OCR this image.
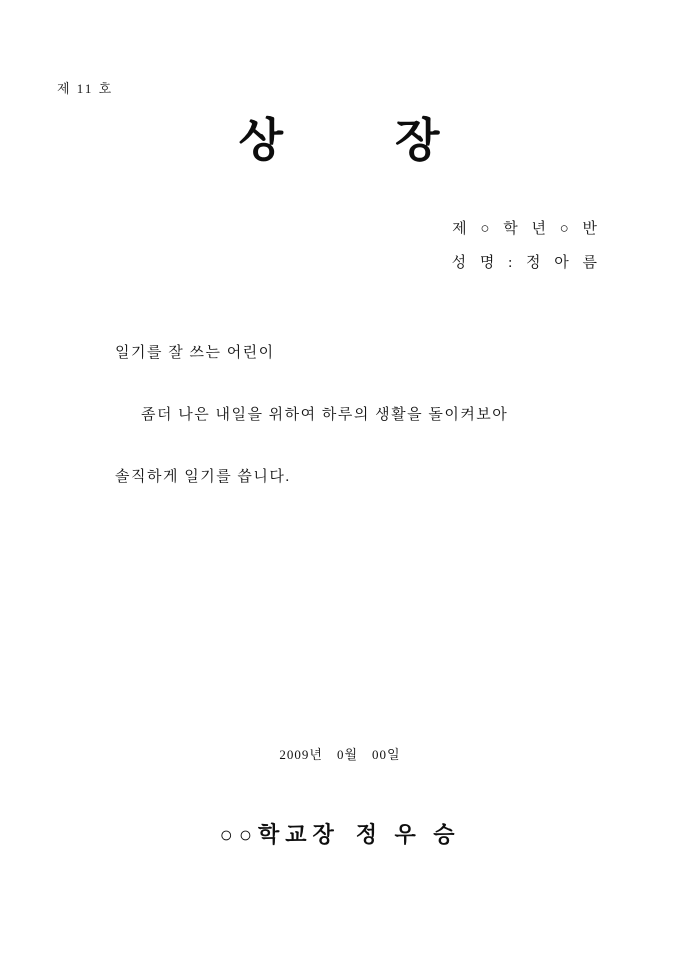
제 11 호
상 장
제 ○ 학 년 ○ 반
성 명 : 정 아 름
일기를 잘 쓰는 어린이
좀더 나은 내일을 위하여 하루의 생활을 돌이켜보아
솔직하게 일기를 씁니다.
2009년 0월 00일
○○학교장 정 우 승
